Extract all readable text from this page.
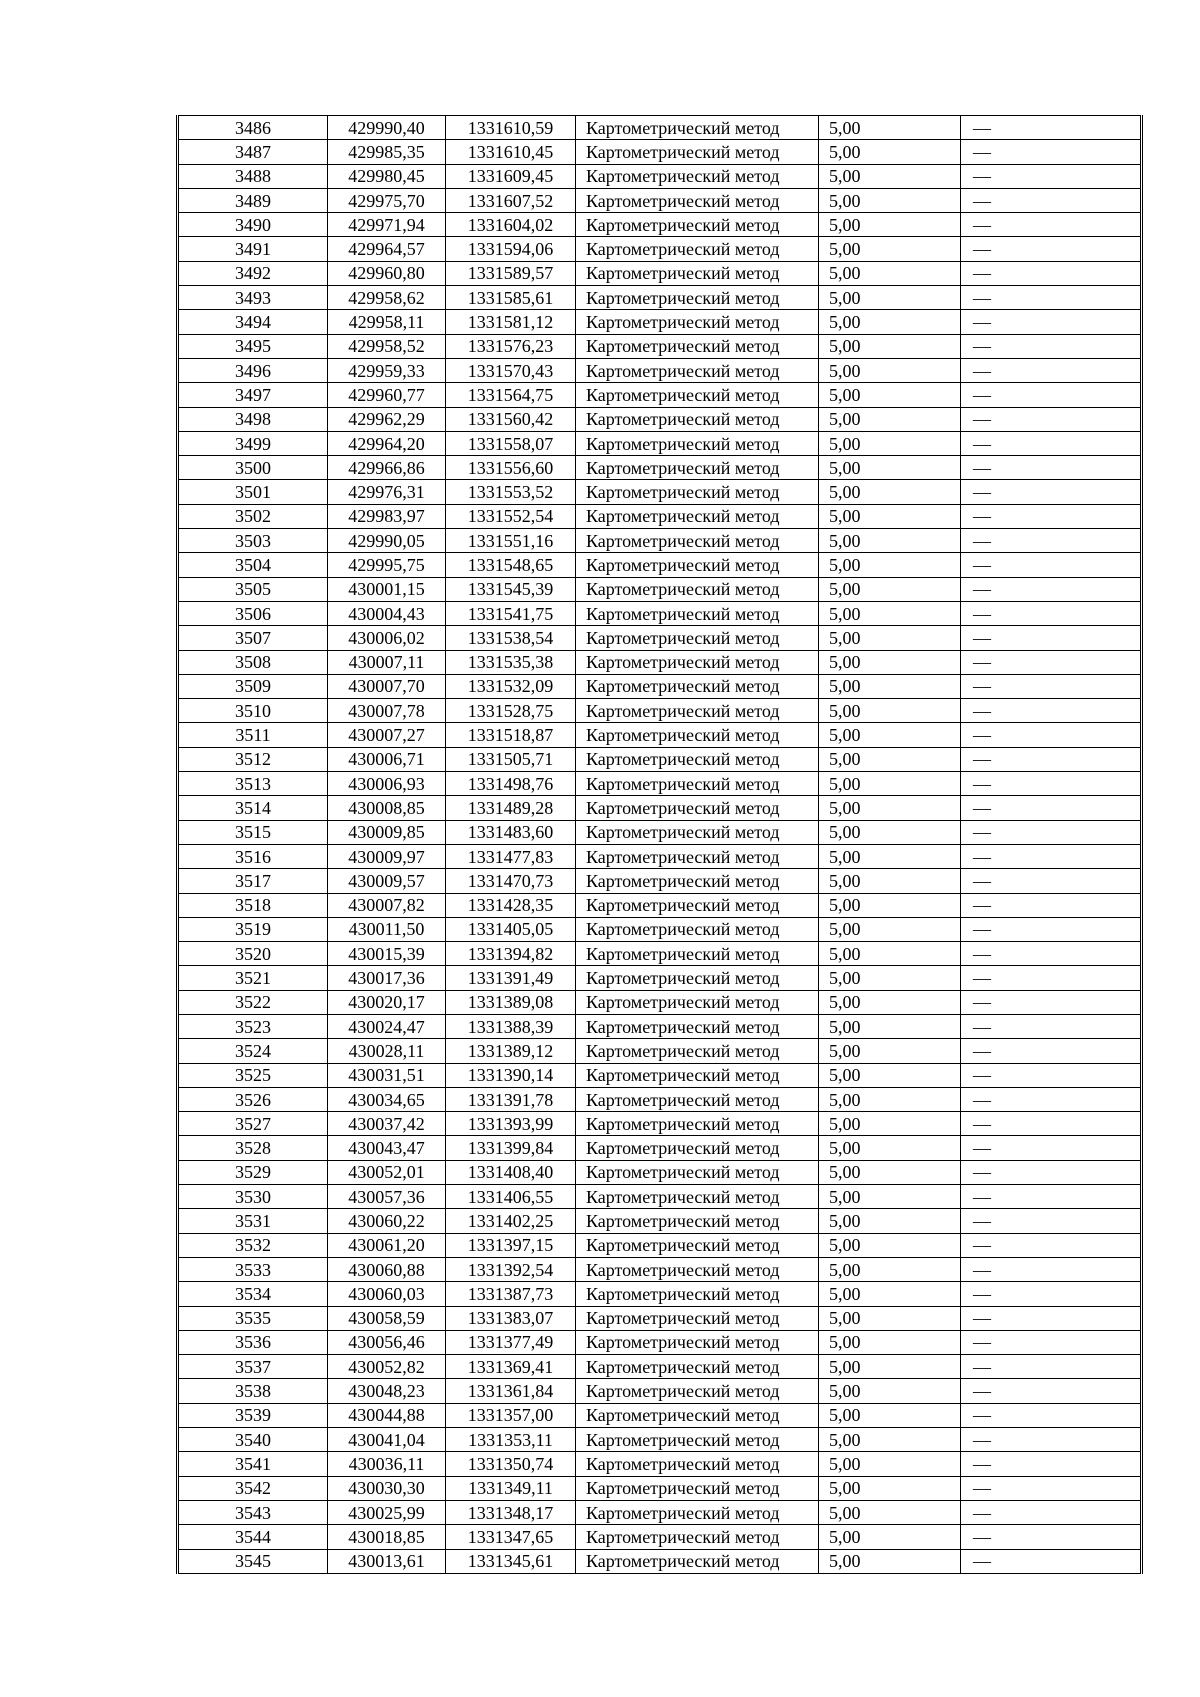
3486	429990,40	1331610,59	Картометрический метод	5,00	—
3487	429985,35	1331610,45	Картометрический метод	5,00	—
3488	429980,45	1331609,45	Картометрический метод	5,00	—
3489	429975,70	1331607,52	Картометрический метод	5,00	—
3490	429971,94	1331604,02	Картометрический метод	5,00	—
3491	429964,57	1331594,06	Картометрический метод	5,00	—
3492	429960,80	1331589,57	Картометрический метод	5,00	—
3493	429958,62	1331585,61	Картометрический метод	5,00	—
3494	429958,11	1331581,12	Картометрический метод	5,00	—
3495	429958,52	1331576,23	Картометрический метод	5,00	—
3496	429959,33	1331570,43	Картометрический метод	5,00	—
3497	429960,77	1331564,75	Картометрический метод	5,00	—
3498	429962,29	1331560,42	Картометрический метод	5,00	—
3499	429964,20	1331558,07	Картометрический метод	5,00	—
3500	429966,86	1331556,60	Картометрический метод	5,00	—
3501	429976,31	1331553,52	Картометрический метод	5,00	—
3502	429983,97	1331552,54	Картометрический метод	5,00	—
3503	429990,05	1331551,16	Картометрический метод	5,00	—
3504	429995,75	1331548,65	Картометрический метод	5,00	—
3505	430001,15	1331545,39	Картометрический метод	5,00	—
3506	430004,43	1331541,75	Картометрический метод	5,00	—
3507	430006,02	1331538,54	Картометрический метод	5,00	—
3508	430007,11	1331535,38	Картометрический метод	5,00	—
3509	430007,70	1331532,09	Картометрический метод	5,00	—
3510	430007,78	1331528,75	Картометрический метод	5,00	—
3511	430007,27	1331518,87	Картометрический метод	5,00	—
3512	430006,71	1331505,71	Картометрический метод	5,00	—
3513	430006,93	1331498,76	Картометрический метод	5,00	—
3514	430008,85	1331489,28	Картометрический метод	5,00	—
3515	430009,85	1331483,60	Картометрический метод	5,00	—
3516	430009,97	1331477,83	Картометрический метод	5,00	—
3517	430009,57	1331470,73	Картометрический метод	5,00	—
3518	430007,82	1331428,35	Картометрический метод	5,00	—
3519	430011,50	1331405,05	Картометрический метод	5,00	—
3520	430015,39	1331394,82	Картометрический метод	5,00	—
3521	430017,36	1331391,49	Картометрический метод	5,00	—
3522	430020,17	1331389,08	Картометрический метод	5,00	—
3523	430024,47	1331388,39	Картометрический метод	5,00	—
3524	430028,11	1331389,12	Картометрический метод	5,00	—
3525	430031,51	1331390,14	Картометрический метод	5,00	—
3526	430034,65	1331391,78	Картометрический метод	5,00	—
3527	430037,42	1331393,99	Картометрический метод	5,00	—
3528	430043,47	1331399,84	Картометрический метод	5,00	—
3529	430052,01	1331408,40	Картометрический метод	5,00	—
3530	430057,36	1331406,55	Картометрический метод	5,00	—
3531	430060,22	1331402,25	Картометрический метод	5,00	—
3532	430061,20	1331397,15	Картометрический метод	5,00	—
3533	430060,88	1331392,54	Картометрический метод	5,00	—
3534	430060,03	1331387,73	Картометрический метод	5,00	—
3535	430058,59	1331383,07	Картометрический метод	5,00	—
3536	430056,46	1331377,49	Картометрический метод	5,00	—
3537	430052,82	1331369,41	Картометрический метод	5,00	—
3538	430048,23	1331361,84	Картометрический метод	5,00	—
3539	430044,88	1331357,00	Картометрический метод	5,00	—
3540	430041,04	1331353,11	Картометрический метод	5,00	—
3541	430036,11	1331350,74	Картометрический метод	5,00	—
3542	430030,30	1331349,11	Картометрический метод	5,00	—
3543	430025,99	1331348,17	Картометрический метод	5,00	—
3544	430018,85	1331347,65	Картометрический метод	5,00	—
3545	430013,61	1331345,61	Картометрический метод	5,00	—
